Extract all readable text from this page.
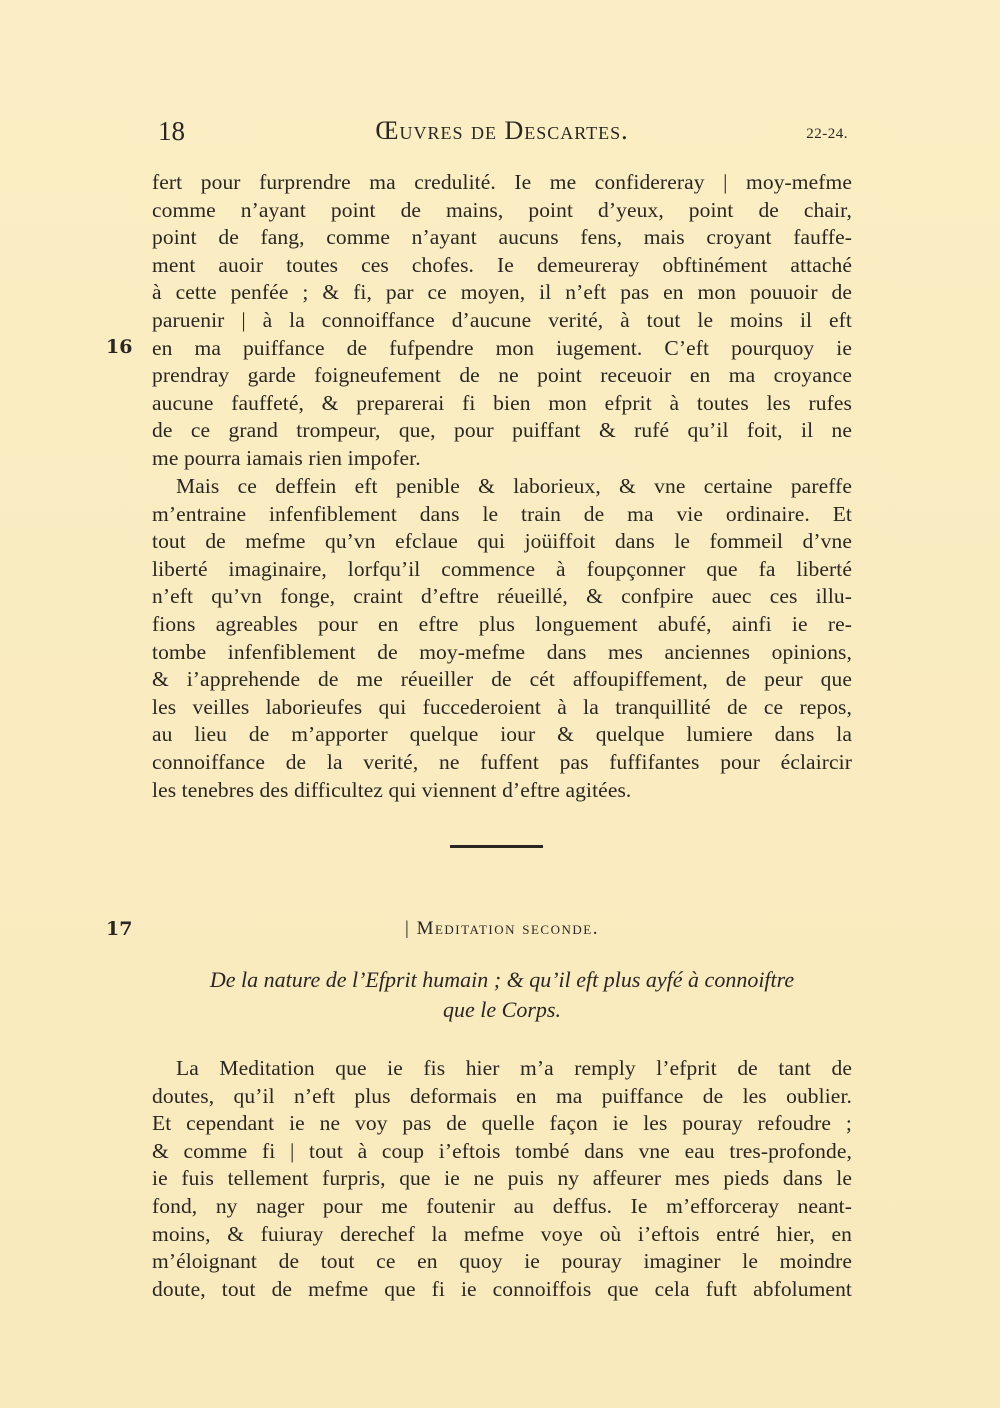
18	Œuvres de Descartes.	22-24.
fert pour furprendre ma credulité. Ie me confidereray | moy-mefme
comme n’ayant point de mains, point d’yeux, point de chair,
point de fang, comme n’ayant aucuns fens, mais croyant fauffe-
ment auoir toutes ces chofes. Ie demeureray obftinément attaché
à cette penfée ; & fi, par ce moyen, il n’eft pas en mon pouuoir de
paruenir | à la connoiffance d’aucune verité, à tout le moins il eft
en ma puiffance de fufpendre mon iugement. C’eft pourquoy ie
prendray garde foigneufement de ne point receuoir en ma croyance
aucune fauffeté, & preparerai fi bien mon efprit à toutes les rufes
de ce grand trompeur, que, pour puiffant & rufé qu’il foit, il ne
me pourra iamais rien impofer.
16
Mais ce deffein eft penible & laborieux, & vne certaine pareffe
m’entraine infenfiblement dans le train de ma vie ordinaire. Et
tout de mefme qu’vn efclaue qui joüiffoit dans le fommeil d’vne
liberté imaginaire, lorfqu’il commence à foupçonner que fa liberté
n’eft qu’vn fonge, craint d’eftre réueillé, & confpire auec ces illu-
fions agreables pour en eftre plus longuement abufé, ainfi ie re-
tombe infenfiblement de moy-mefme dans mes anciennes opinions,
& i’apprehende de me réueiller de cét affoupiffement, de peur que
les veilles laborieufes qui fuccederoient à la tranquillité de ce repos,
au lieu de m’apporter quelque iour & quelque lumiere dans la
connoiffance de la verité, ne fuffent pas fuffifantes pour éclaircir
les tenebres des difficultez qui viennent d’eftre agitées.
17	| Meditation seconde.
De la nature de l’Efprit humain ; & qu’il eft plus ayfé à connoiftre
que le Corps.
La Meditation que ie fis hier m’a remply l’efprit de tant de
doutes, qu’il n’eft plus deformais en ma puiffance de les oublier.
Et cependant ie ne voy pas de quelle façon ie les pouray refoudre ;
& comme fi | tout à coup i’eftois tombé dans vne eau tres-profonde,
ie fuis tellement furpris, que ie ne puis ny affeurer mes pieds dans le
fond, ny nager pour me foutenir au deffus. Ie m’efforceray neant-
moins, & fuiuray derechef la mefme voye où i’eftois entré hier, en
m’éloignant de tout ce en quoy ie pouray imaginer le moindre
doute, tout de mefme que fi ie connoiffois que cela fuft abfolument
